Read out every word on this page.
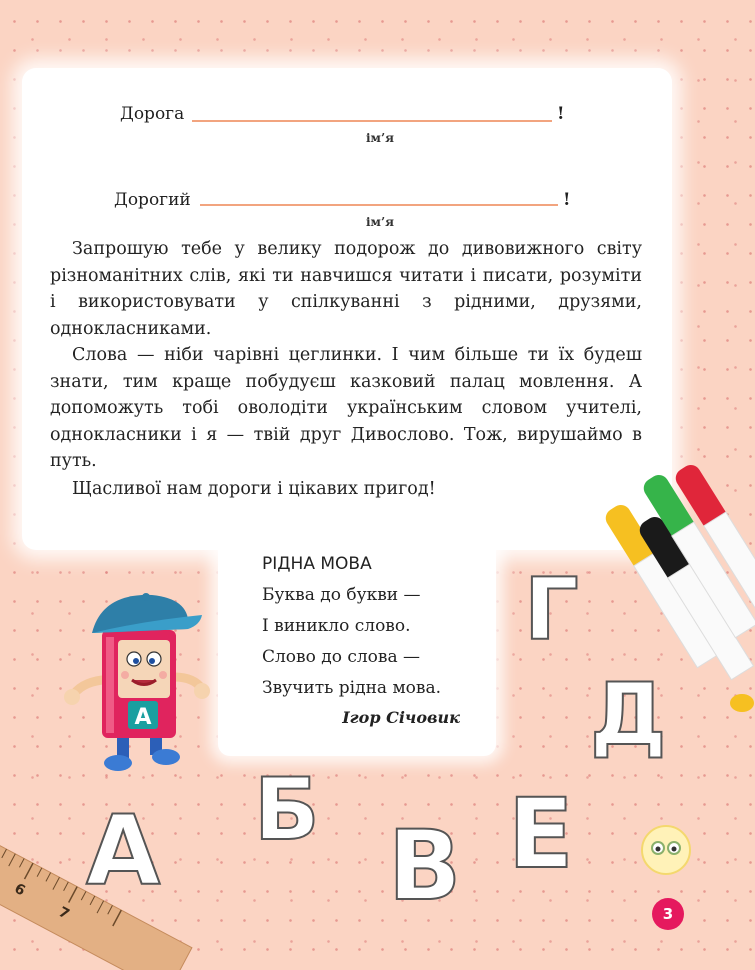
Дорога	!
ім’я
Дорогий	!
ім’я

Запрошую тебе у велику подорож до дивовижного світу різноманітних слів, які ти навчишся читати і писати, розуміти і використовувати у спілкуванні з рідними, друзями, однокласниками.

Слова — ніби чарівні цеглинки. І чим більше ти їх будеш знати, тим краще побудуєш казковий палац мовлення. А допоможуть тобі оволодіти українським словом учителі, однокласники і я — твій друг Дивослово. Тож, вирушаймо в путь.

Щасливої нам дороги і цікавих пригод!

РІДНА МОВА
Буква до букви —
І виникло слово.
Слово до слова —
Звучить рідна мова.
Ігор Січовик
А
6
7
Г
Д
А Б В Е
3
